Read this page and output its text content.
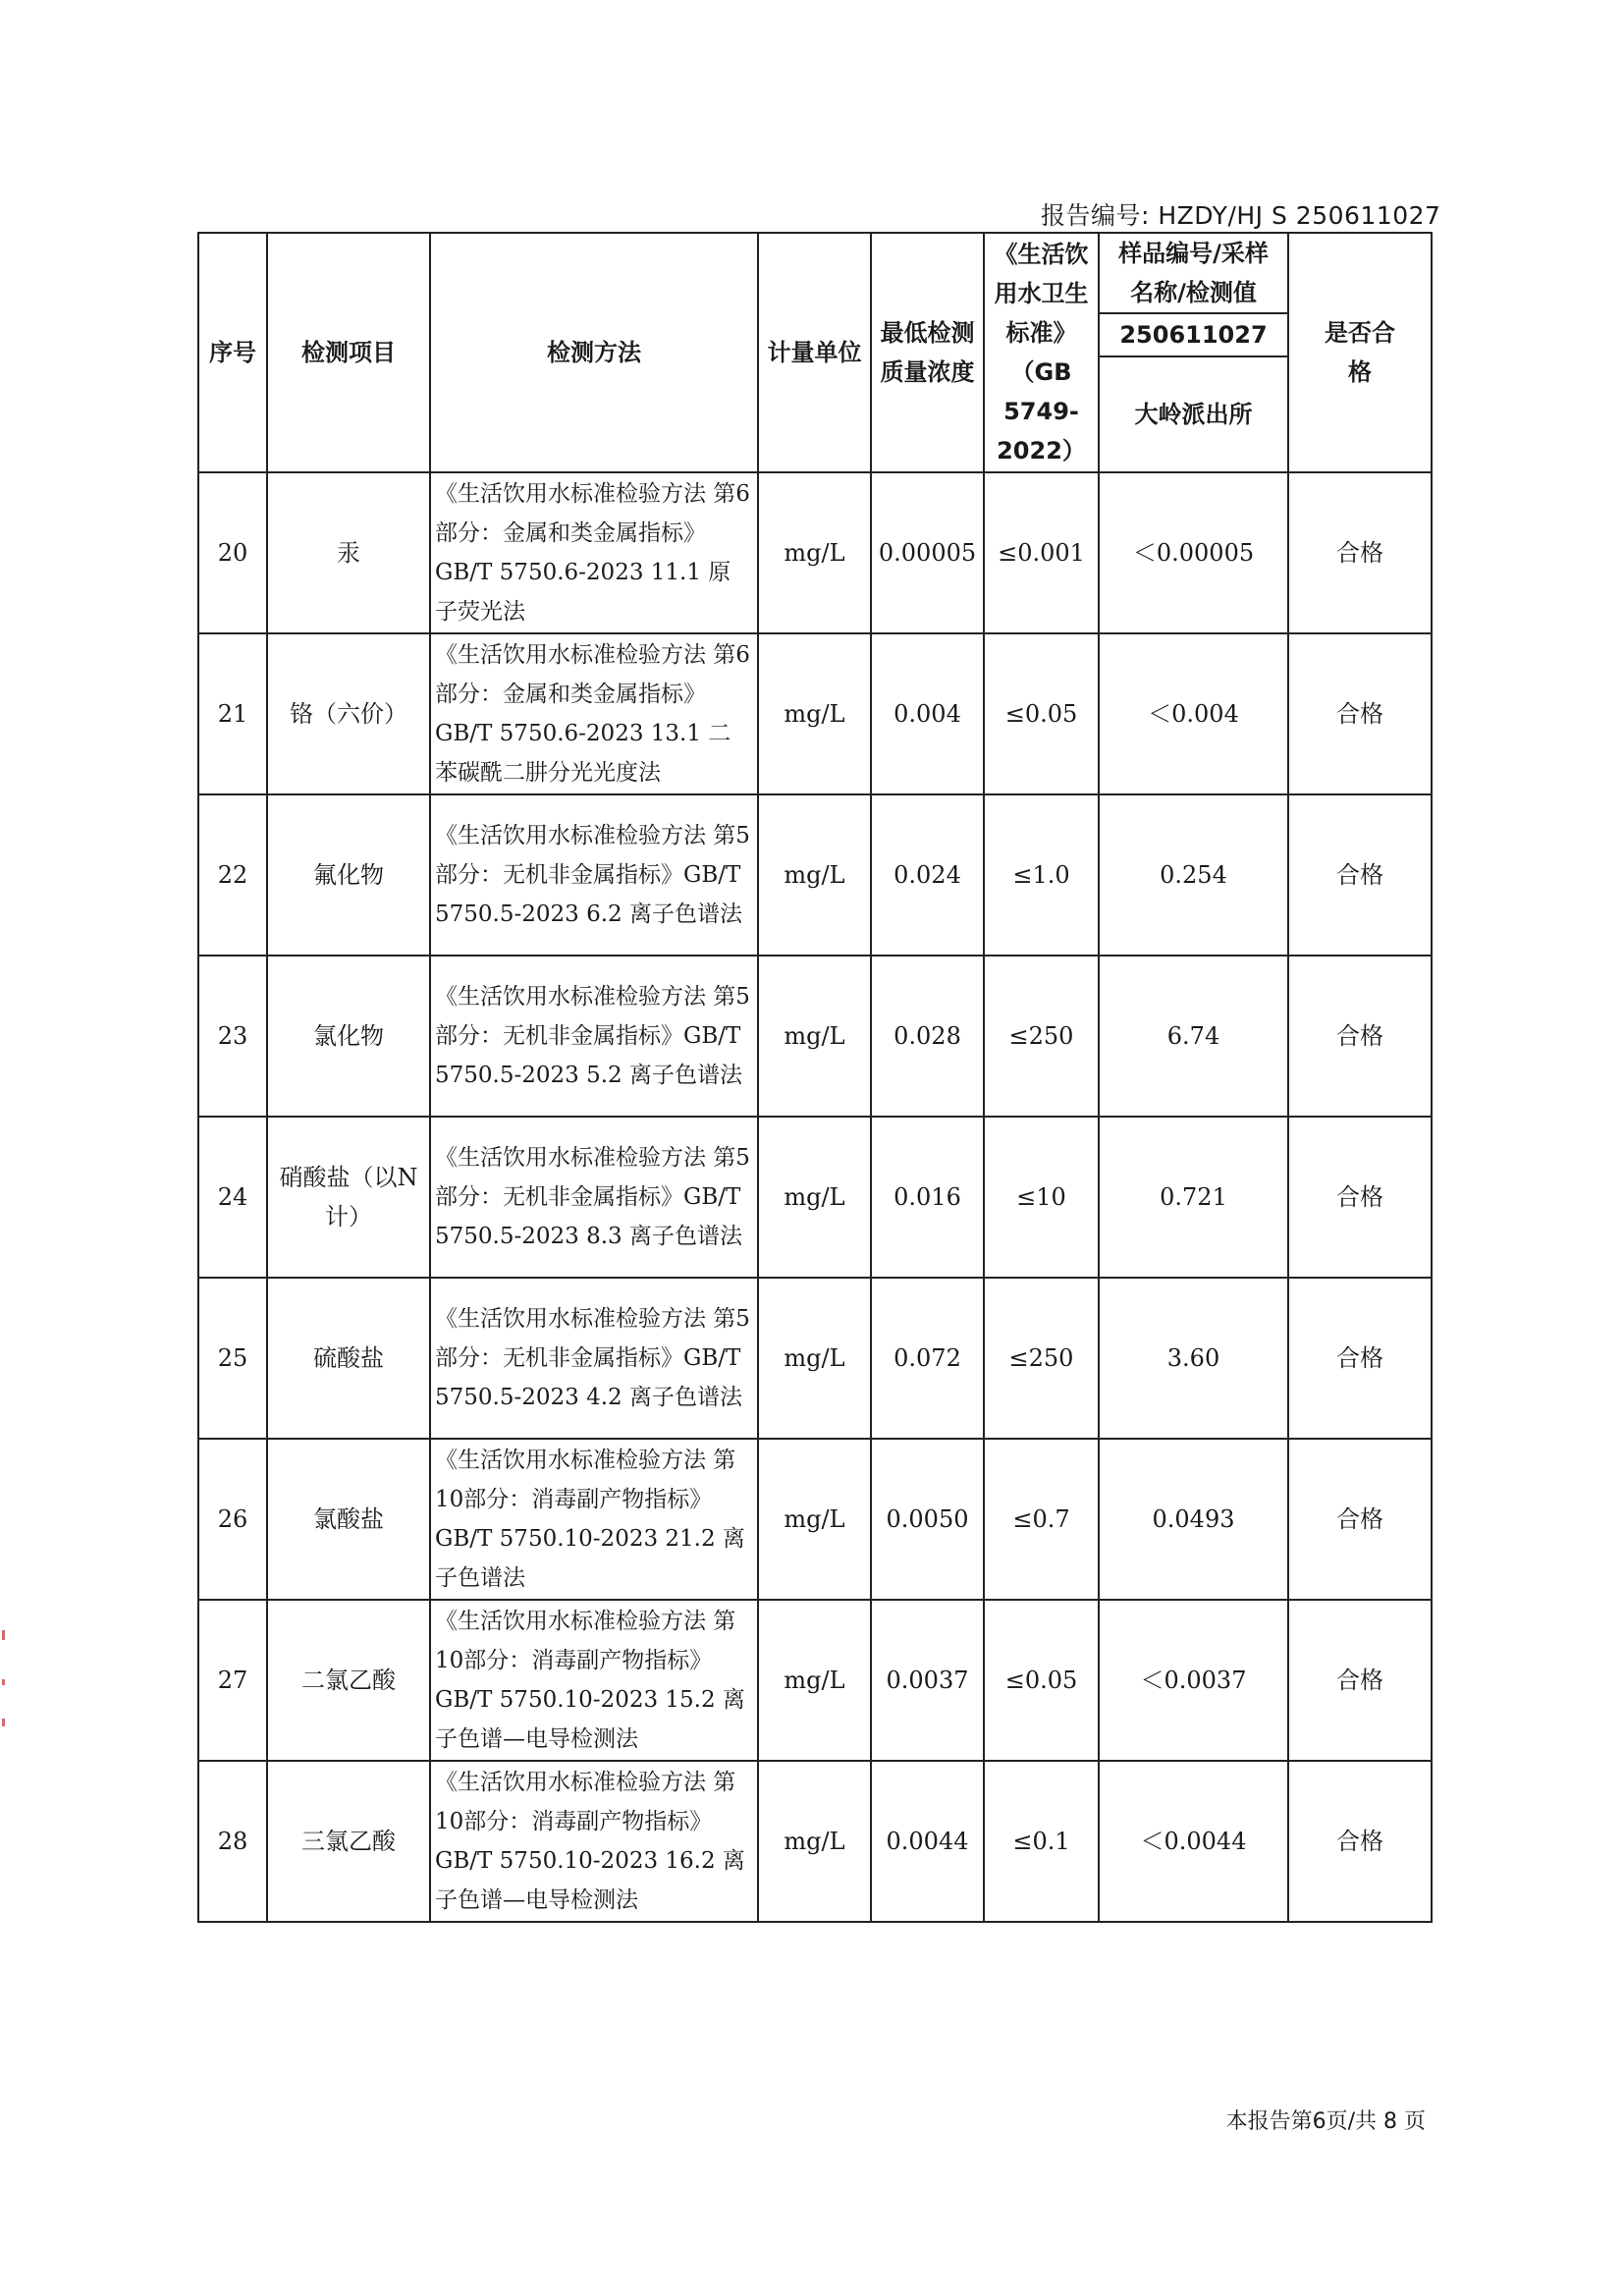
报告编号: HZDY/HJ S 250611027
序号	检测项目	检测方法	计量单位	最低检测质量浓度	《生活饮用水卫生标准》（GB 5749-2022）	样品编号/采样名称/检测值	是否合格
						250611027	
						大岭派出所	
20	汞	《生活饮用水标准检验方法 第6部分：金属和类金属指标》GB/T 5750.6-2023 11.1 原子荧光法	mg/L	0.00005	≤0.001	＜0.00005	合格
21	铬（六价）	《生活饮用水标准检验方法 第6部分：金属和类金属指标》GB/T 5750.6-2023 13.1 二苯碳酰二肼分光光度法	mg/L	0.004	≤0.05	＜0.004	合格
22	氟化物	《生活饮用水标准检验方法 第5部分：无机非金属指标》GB/T 5750.5-2023 6.2 离子色谱法	mg/L	0.024	≤1.0	0.254	合格
23	氯化物	《生活饮用水标准检验方法 第5部分：无机非金属指标》GB/T 5750.5-2023 5.2 离子色谱法	mg/L	0.028	≤250	6.74	合格
24	硝酸盐（以N计）	《生活饮用水标准检验方法 第5部分：无机非金属指标》GB/T 5750.5-2023 8.3 离子色谱法	mg/L	0.016	≤10	0.721	合格
25	硫酸盐	《生活饮用水标准检验方法 第5部分：无机非金属指标》GB/T 5750.5-2023 4.2 离子色谱法	mg/L	0.072	≤250	3.60	合格
26	氯酸盐	《生活饮用水标准检验方法 第10部分：消毒副产物指标》GB/T 5750.10-2023 21.2 离子色谱法	mg/L	0.0050	≤0.7	0.0493	合格
27	二氯乙酸	《生活饮用水标准检验方法 第10部分：消毒副产物指标》GB/T 5750.10-2023 15.2 离子色谱—电导检测法	mg/L	0.0037	≤0.05	＜0.0037	合格
28	三氯乙酸	《生活饮用水标准检验方法 第10部分：消毒副产物指标》GB/T 5750.10-2023 16.2 离子色谱—电导检测法	mg/L	0.0044	≤0.1	＜0.0044	合格
本报告第6页/共 8 页
